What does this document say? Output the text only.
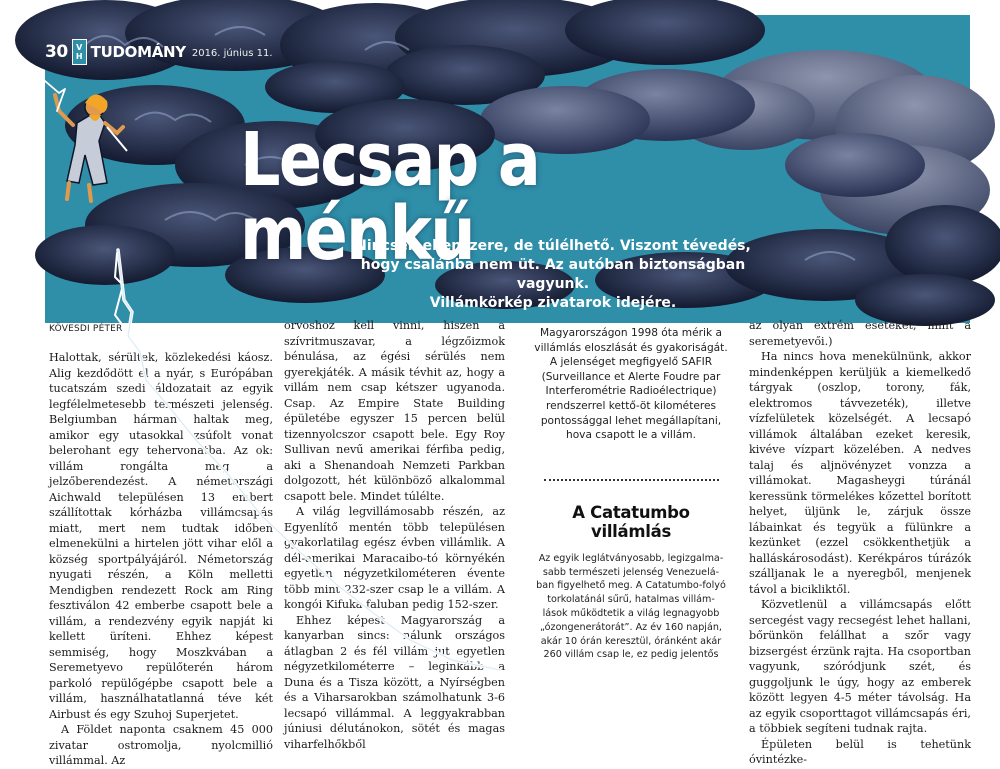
30 V
H TUDOMÁNY 2016. június 11.
Lecsap a ménkű
Nincsen ellenszere, de túlélhető. Viszont tévedés,
hogy csalánba nem üt. Az autóban biztonságban vagyunk.
Villámkörkép zivatarok idejére.
KÖVESDI PÉTER

Halottak, sérültek, közlekedési káosz. Alig kezdődött el a nyár, s Európában tucatszám szedi áldozatait az egyik legfélelmetesebb természeti jelenség. Belgiumban hárman haltak meg, amikor egy utasokkal zsúfolt vonat belerohant egy tehervonatba. Az ok: villám rongálta meg a jelzőberendezést. A németországi Aichwald településen 13 embert szállítottak kórházba villámcsapás miatt, mert nem tudtak időben elmenekülni a hirtelen jött vihar elől a község sportpályájáról. Németország nyugati részén, a Köln melletti Mendigben rendezett Rock am Ring fesztiválon 42 emberbe csapott bele a villám, a rendezvény egyik napját ki kellett üríteni. Ehhez képest semmiség, hogy Moszkvában a Seremetyevo repülőterén három parkoló repülőgépbe csapott bele a villám, használhatatlanná téve két Airbust és egy Szuhoj Superjetet.

A Földet naponta csaknem 45 000 zivatar ostromolja, nyolcmillió villámmal. Az

orvoshoz kell vinni, hiszen a szívritmuszavar, a légzőizmok bénulása, az égési sérülés nem gyerekjáték. A másik tévhit az, hogy a villám nem csap kétszer ugyanoda. Csap. Az Empire State Building épületébe egyszer 15 percen belül tizennyolcszor csapott bele. Egy Roy Sullivan nevű amerikai férfiba pedig, aki a Shenandoah Nemzeti Parkban dolgozott, hét különböző alkalommal csapott bele. Mindet túlélte.

A világ legvillámosabb részén, az Egyenlítő mentén több településen gyakorlatilag egész évben villámlik. A dél-amerikai Maracaibo-tó környékén egyetlen négyzetkilométeren évente több mint 232-szer csap le a villám. A kongói Kifuka faluban pedig 152-szer.

Ehhez képest Magyarország a kanyarban sincs: nálunk országos átlagban 2 és fél villám jut egyetlen négyzetkilométerre – leginkább a Duna és a Tisza között, a Nyírségben és a Viharsarokban számolhatunk 3-6 lecsapó villámmal. A leggyakrabban júniusi délutánokon, sötét és magas viharfelhőkből

Magyarországon 1998 óta mérik a villámlás eloszlását és gyakoriságát. A jelenséget megfigyelő SAFIR (Surveillance et Alerte Foudre par Interferométrie Radioélectrique) rendszerrel kettő-öt kilométeres pontossággal lehet megállapítani, hova csapott le a villám.
A Catatumbo villámlás
Az egyik leglátványosabb, legizgalma-
sabb természeti jelenség Venezuelá-
ban figyelhető meg. A Catatumbo-folyó
torkolatánál sűrű, hatalmas villám-
lások működtetik a világ legnagyobb
„ózongenerátorát”. Az év 160 napján,
akár 10 órán keresztül, óránként akár
260 villám csap le, ez pedig jelentős

az olyan extrém eseteket, mint a seremetyevői.)

Ha nincs hova menekülnünk, akkor mindenképpen kerüljük a kiemelkedő tárgyak (oszlop, torony, fák, elektromos távvezeték), illetve vízfelületek közelségét. A lecsapó villámok általában ezeket keresik, kivéve vízpart közelében. A nedves talaj és aljnövényzet vonzza a villámokat. Magasheygi túránál keressünk törmelékes kőzettel borított helyet, üljünk le, zárjuk össze lábainkat és tegyük a fülünkre a kezünket (ezzel csökkenthetjük a halláskárosodást). Kerékpáros túrázók szálljanak le a nyeregből, menjenek távol a bicikliktől.

Közvetlenül a villámcsapás előtt sercegést vagy recsegést lehet hallani, bőrünkön felállhat a szőr vagy bizsergést érzünk rajta. Ha csoportban vagyunk, szóródjunk szét, és guggoljunk le úgy, hogy az emberek között legyen 4-5 méter távolság. Ha az egyik csoporttagot villámcsapás éri, a többiek segíteni tudnak rajta.

Épületen belül is tehetünk óvintézke-
